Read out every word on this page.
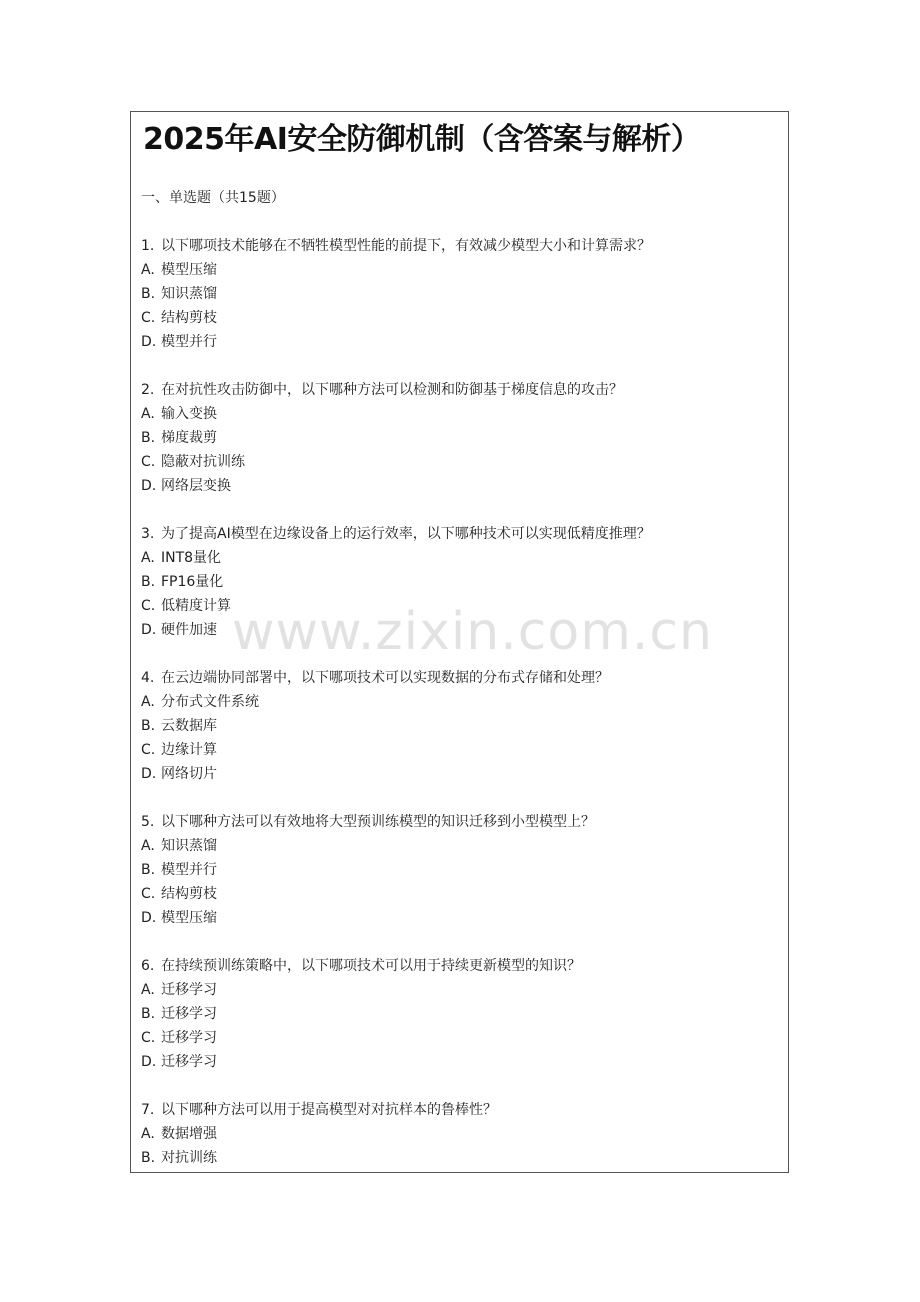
2025年AI安全防御机制（含答案与解析）
一、单选题（共15题）
1. 以下哪项技术能够在不牺牲模型性能的前提下，有效减少模型大小和计算需求？
A. 模型压缩
B. 知识蒸馏
C. 结构剪枝
D. 模型并行
2. 在对抗性攻击防御中，以下哪种方法可以检测和防御基于梯度信息的攻击？
A. 输入变换
B. 梯度裁剪
C. 隐蔽对抗训练
D. 网络层变换
3. 为了提高AI模型在边缘设备上的运行效率，以下哪种技术可以实现低精度推理？
A. INT8量化
B. FP16量化
C. 低精度计算
D. 硬件加速
4. 在云边端协同部署中，以下哪项技术可以实现数据的分布式存储和处理？
A. 分布式文件系统
B. 云数据库
C. 边缘计算
D. 网络切片
5. 以下哪种方法可以有效地将大型预训练模型的知识迁移到小型模型上？
A. 知识蒸馏
B. 模型并行
C. 结构剪枝
D. 模型压缩
6. 在持续预训练策略中，以下哪项技术可以用于持续更新模型的知识？
A. 迁移学习
B. 迁移学习
C. 迁移学习
D. 迁移学习
7. 以下哪种方法可以用于提高模型对对抗样本的鲁棒性？
A. 数据增强
B. 对抗训练
www.zixin.com.cn
